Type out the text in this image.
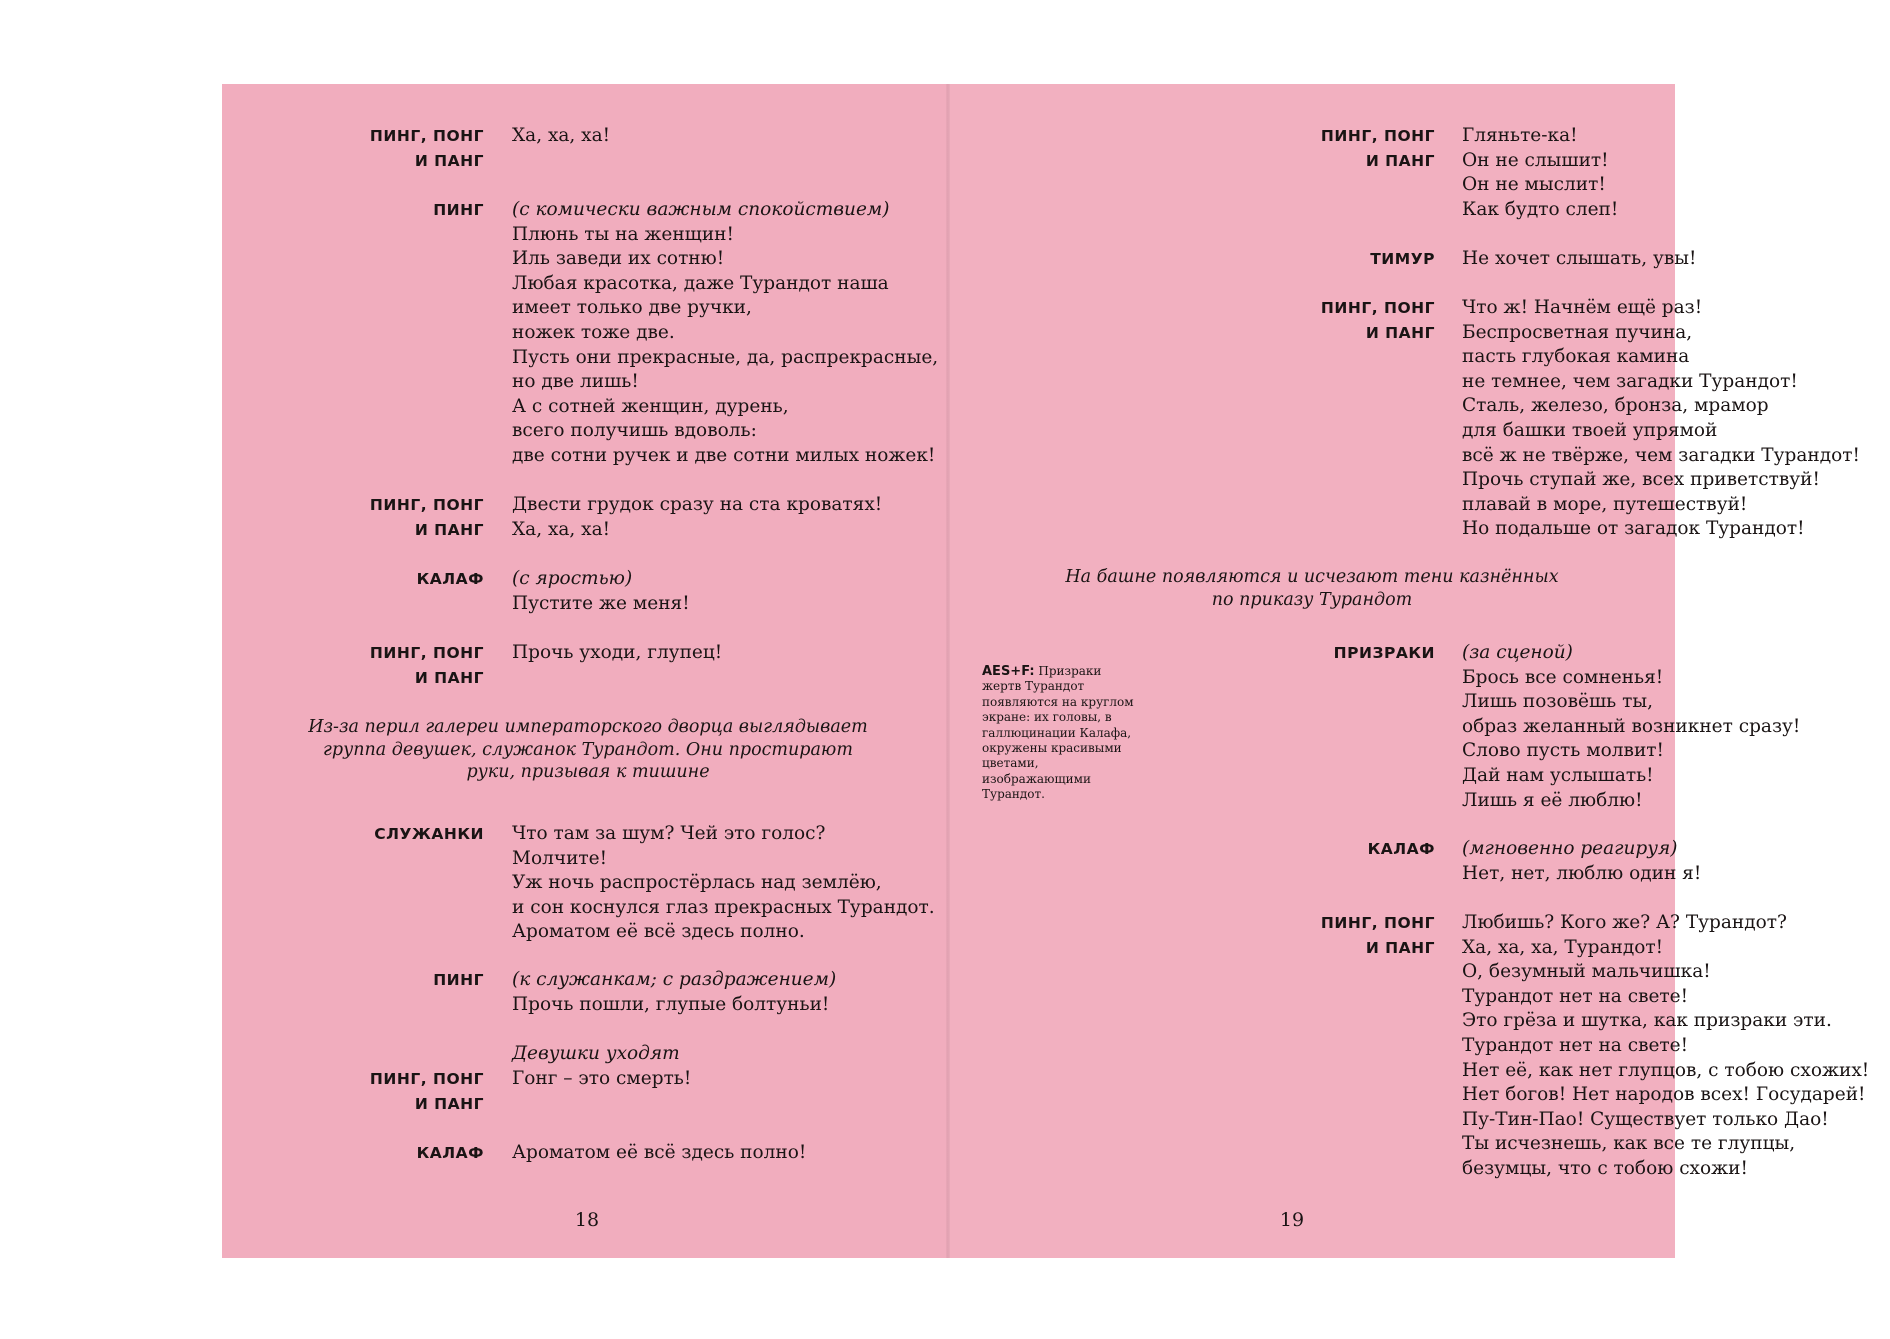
ПИНГ, ПОНГ
И ПАНГ
Ха, ха, ха!
ПИНГ (с комически важным спокойствием)
Плюнь ты на женщин!
Иль заведи их сотню!
Любая красотка, даже Турандот наша
имеет только две ручки,
ножек тоже две.
Пусть они прекрасные, да, распрекрасные,
но две лишь!
А с сотней женщин, дурень,
всего получишь вдоволь:
две сотни ручек и две сотни милых ножек!
ПИНГ, ПОНГ
И ПАНГ
Двести грудок сразу на ста кроватях!
Ха, ха, ха!
КАЛАФ (с яростью)
Пустите же меня!
ПИНГ, ПОНГ
И ПАНГ
Прочь уходи, глупец!
Из-за перил галереи императорского дворца выглядывает
группа девушек, служанок Турандот. Они простирают
руки, призывая к тишине
СЛУЖАНКИ Что там за шум? Чей это голос?
Молчите!
Уж ночь распростёрлась над землёю,
и сон коснулся глаз прекрасных Турандот.
Ароматом её всё здесь полно.
ПИНГ (к служанкам; с раздражением)
Прочь пошли, глупые болтуньи!
Девушки уходят
ПИНГ, ПОНГ
И ПАНГ
Гонг – это смерть!
КАЛАФ Ароматом её всё здесь полно!
18
AES+F: Призраки жертв Турандот появляются на круглом экране: их головы, в галлюцинации Калафа, окружены красивыми цветами, изображающими Турандот.
ПИНГ, ПОНГ
И ПАНГ
Гляньте-ка!
Он не слышит!
Он не мыслит!
Как будто слеп!
ТИМУР Не хочет слышать, увы!
ПИНГ, ПОНГ
И ПАНГ
Что ж! Начнём ещё раз!
Беспросветная пучина,
пасть глубокая камина
не темнее, чем загадки Турандот!
Сталь, железо, бронза, мрамор
для башки твоей упрямой
всё ж не твёрже, чем загадки Турандот!
Прочь ступай же, всех приветствуй!
плавай в море, путешествуй!
Но подальше от загадок Турандот!
На башне появляются и исчезают тени казнённых
по приказу Турандот
ПРИЗРАКИ (за сценой)
Брось все сомненья!
Лишь позовёшь ты,
образ желанный возникнет сразу!
Слово пусть молвит!
Дай нам услышать!
Лишь я её люблю!
КАЛАФ (мгновенно реагируя)
Нет, нет, люблю один я!
ПИНГ, ПОНГ
И ПАНГ
Любишь? Кого же? А? Турандот?
Ха, ха, ха, Турандот!
О, безумный мальчишка!
Турандот нет на свете!
Это грёза и шутка, как призраки эти.
Турандот нет на свете!
Нет её, как нет глупцов, с тобою схожих!
Нет богов! Нет народов всех! Государей!
Пу-Тин-Пао! Существует только Дао!
Ты исчезнешь, как все те глупцы,
безумцы, что с тобою схожи!
19
